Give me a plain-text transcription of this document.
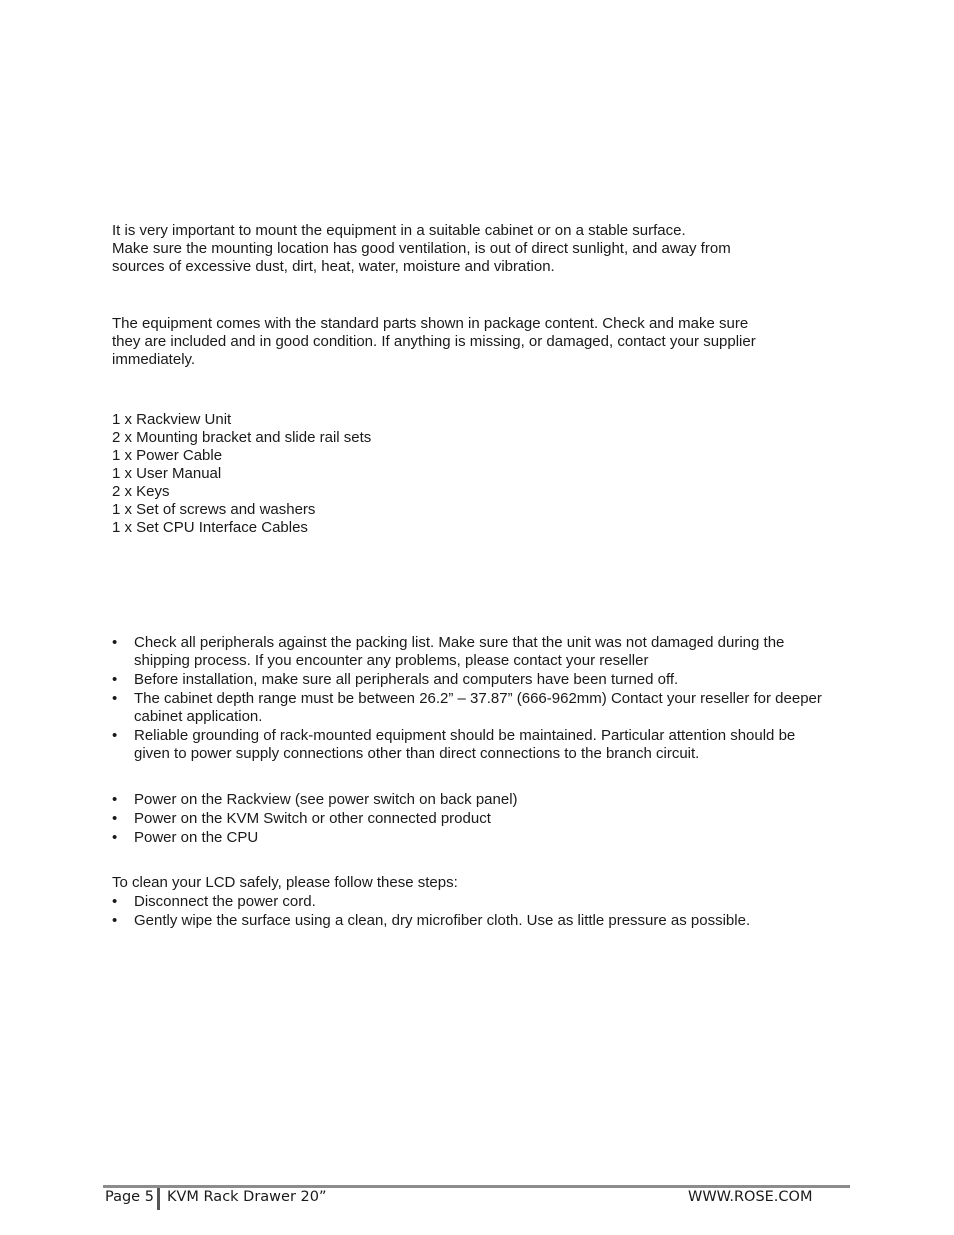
It is very important to mount the equipment in a suitable cabinet or on a stable surface.

Make sure the mounting location has good ventilation, is out of direct sunlight, and away from

sources of excessive dust, dirt, heat, water, moisture and vibration.

The equipment comes with the standard parts shown in package content. Check and make sure

they are included and in good condition. If anything is missing, or damaged, contact your supplier

immediately.

1 x Rackview Unit

2 x Mounting bracket and slide rail sets

1 x Power Cable

1 x User Manual

2 x Keys

1 x Set of screws and washers

1 x Set CPU Interface Cables

•	Check all peripherals against the packing list. Make sure that the unit was not damaged during the shipping process. If you encounter any problems, please contact your reseller
•	Before installation, make sure all peripherals and computers have been turned off.
•	The cabinet depth range must be between 26.2” – 37.87” (666-962mm) Contact your reseller for deeper cabinet application.
•	Reliable grounding of rack-mounted equipment should be maintained. Particular attention should be given to power supply connections other than direct connections to the branch circuit.
•	Power on the Rackview (see power switch on back panel)
•	Power on the KVM Switch or other connected product
•	Power on the CPU

To clean your LCD safely, please follow these steps:

•	Disconnect the power cord.
•	Gently wipe the surface using a clean, dry microfiber cloth. Use as little pressure as possible.
Page 5 KVM Rack Drawer 20”	WWW.ROSE.COM
